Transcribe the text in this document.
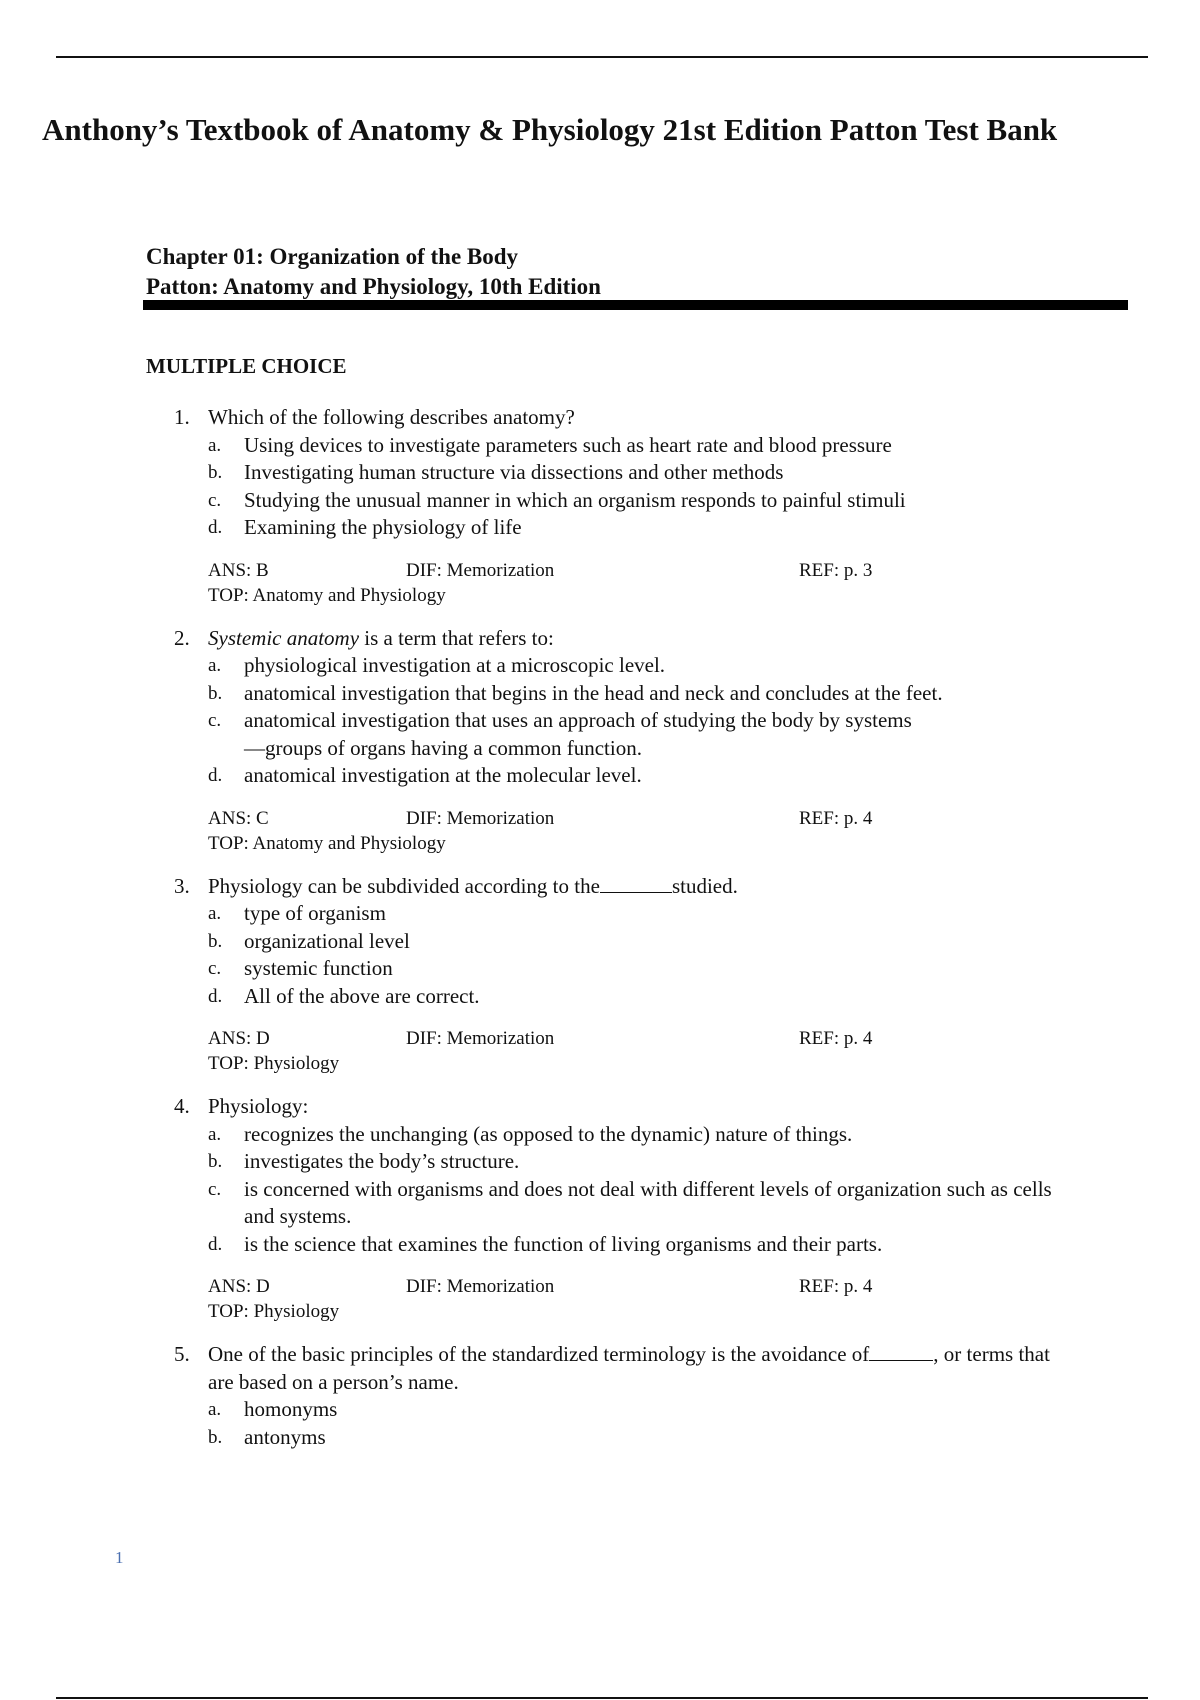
Anthony’s Textbook of Anatomy & Physiology 21st Edition Patton Test Bank
Chapter 01: Organization of the Body
Patton: Anatomy and Physiology, 10th Edition
MULTIPLE CHOICE
1. Which of the following describes anatomy?
a.	Using devices to investigate parameters such as heart rate and blood pressure
b.	Investigating human structure via dissections and other methods
c.	Studying the unusual manner in which an organism responds to painful stimuli
d.	Examining the physiology of life
ANS: B	DIF: Memorization	REF: p. 3
TOP: Anatomy and Physiology
2. Systemic anatomy is a term that refers to:
a.	physiological investigation at a microscopic level.
b.	anatomical investigation that begins in the head and neck and concludes at the feet.
c.	anatomical investigation that uses an approach of studying the body by systems—groups of organs having a common function.
d.	anatomical investigation at the molecular level.
ANS: C	DIF: Memorization	REF: p. 4
TOP: Anatomy and Physiology
3. Physiology can be subdivided according to the	studied.
a.	type of organism
b.	organizational level
c.	systemic function
d.	All of the above are correct.
ANS: D	DIF: Memorization	REF: p. 4
TOP: Physiology
4. Physiology:
a.	recognizes the unchanging (as opposed to the dynamic) nature of things.
b.	investigates the body’s structure.
c.	is concerned with organisms and does not deal with different levels of organization such as cells and systems.
d.	is the science that examines the function of living organisms and their parts.
ANS: D	DIF: Memorization	REF: p. 4
TOP: Physiology
5. One of the basic principles of the standardized terminology is the avoidance of	, or terms that are based on a person’s name.
a.	homonyms
b.	antonyms
1
